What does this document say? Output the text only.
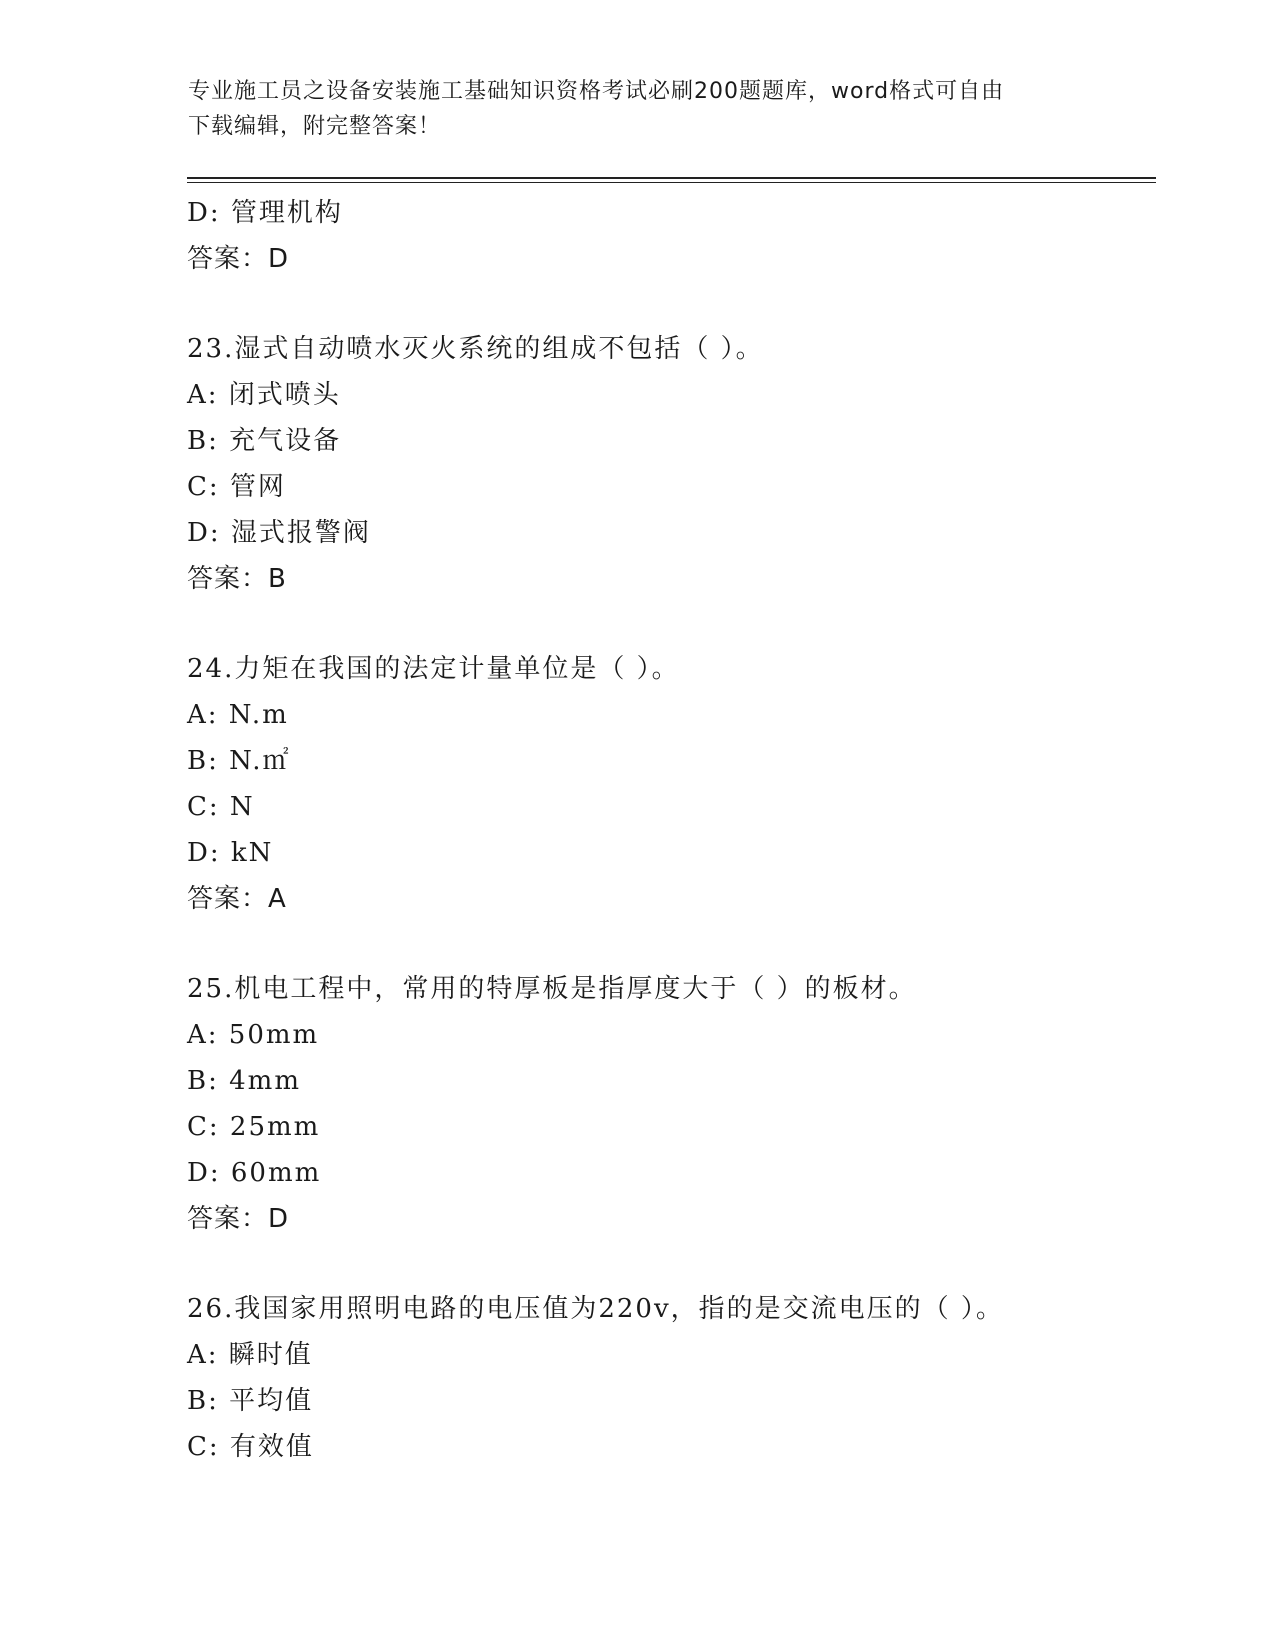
专业施工员之设备安装施工基础知识资格考试必刷200题题库，word格式可自由
下载编辑，附完整答案！
D: 管理机构
答案：D
23.湿式自动喷水灭火系统的组成不包括（ ）。
A: 闭式喷头
B: 充气设备
C: 管网
D: 湿式报警阀
答案：B
24.力矩在我国的法定计量单位是（ ）。
A: N.m
B: N.㎡
C: N
D: kN
答案：A
25.机电工程中，常用的特厚板是指厚度大于（ ）的板材。
A: 50mm
B: 4mm
C: 25mm
D: 60mm
答案：D
26.我国家用照明电路的电压值为220v，指的是交流电压的（ ）。
A: 瞬时值
B: 平均值
C: 有效值
